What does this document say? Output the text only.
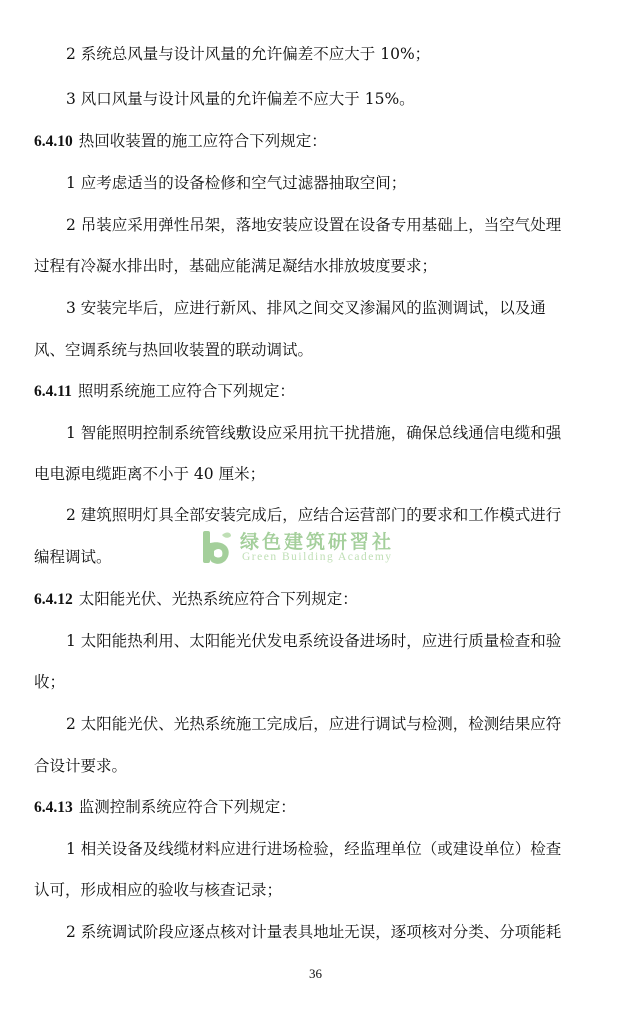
2 系统总风量与设计风量的允许偏差不应大于 10%；
3 风口风量与设计风量的允许偏差不应大于 15%。
6.4.10 热回收装置的施工应符合下列规定：
1 应考虑适当的设备检修和空气过滤器抽取空间；
2 吊装应采用弹性吊架，落地安装应设置在设备专用基础上，当空气处理
过程有冷凝水排出时，基础应能满足凝结水排放坡度要求；
3 安装完毕后，应进行新风、排风之间交叉渗漏风的监测调试，以及通
风、空调系统与热回收装置的联动调试。
6.4.11 照明系统施工应符合下列规定：
1 智能照明控制系统管线敷设应采用抗干扰措施，确保总线通信电缆和强
电电源电缆距离不小于 40 厘米；
2 建筑照明灯具全部安装完成后，应结合运营部门的要求和工作模式进行
编程调试。
6.4.12 太阳能光伏、光热系统应符合下列规定：
1 太阳能热利用、太阳能光伏发电系统设备进场时，应进行质量检查和验
收；
2 太阳能光伏、光热系统施工完成后，应进行调试与检测，检测结果应符
合设计要求。
6.4.13 监测控制系统应符合下列规定：
1 相关设备及线缆材料应进行进场检验，经监理单位（或建设单位）检查
认可，形成相应的验收与核查记录；
2 系统调试阶段应逐点核对计量表具地址无误，逐项核对分类、分项能耗
绿色建筑研習社
Green Building Academy
36
